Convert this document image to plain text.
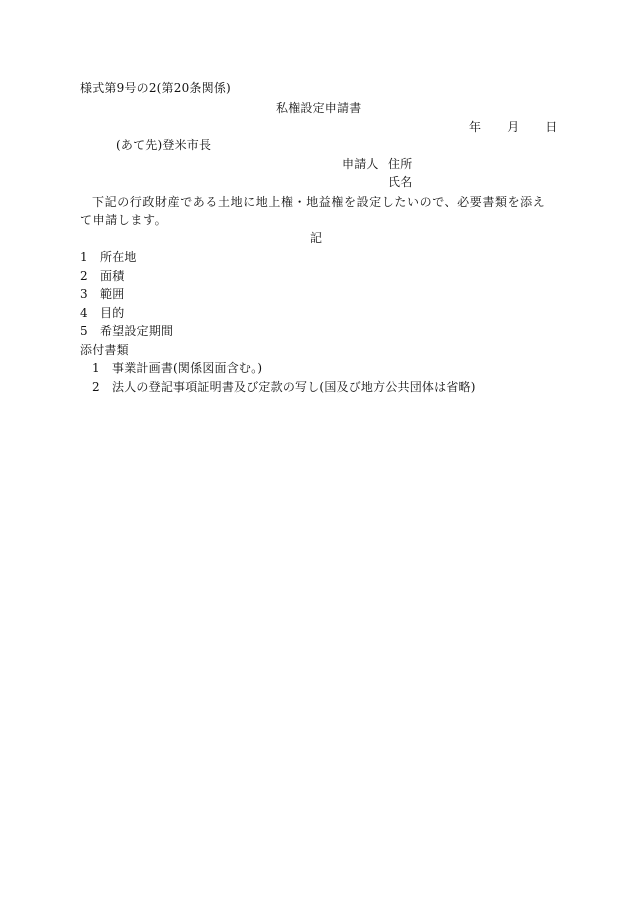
様式第9号の2(第20条関係)
私権設定申請書
年 月 日
(あて先)登米市長
申請人 住所
氏名
下記の行政財産である土地に地上権・地益権を設定したいので、必要書類を添えて申請します。
記
1　所在地
2　面積
3　範囲
4　目的
5　希望設定期間
添付書類
1　事業計画書(関係図面含む。)
2　法人の登記事項証明書及び定款の写し(国及び地方公共団体は省略)
